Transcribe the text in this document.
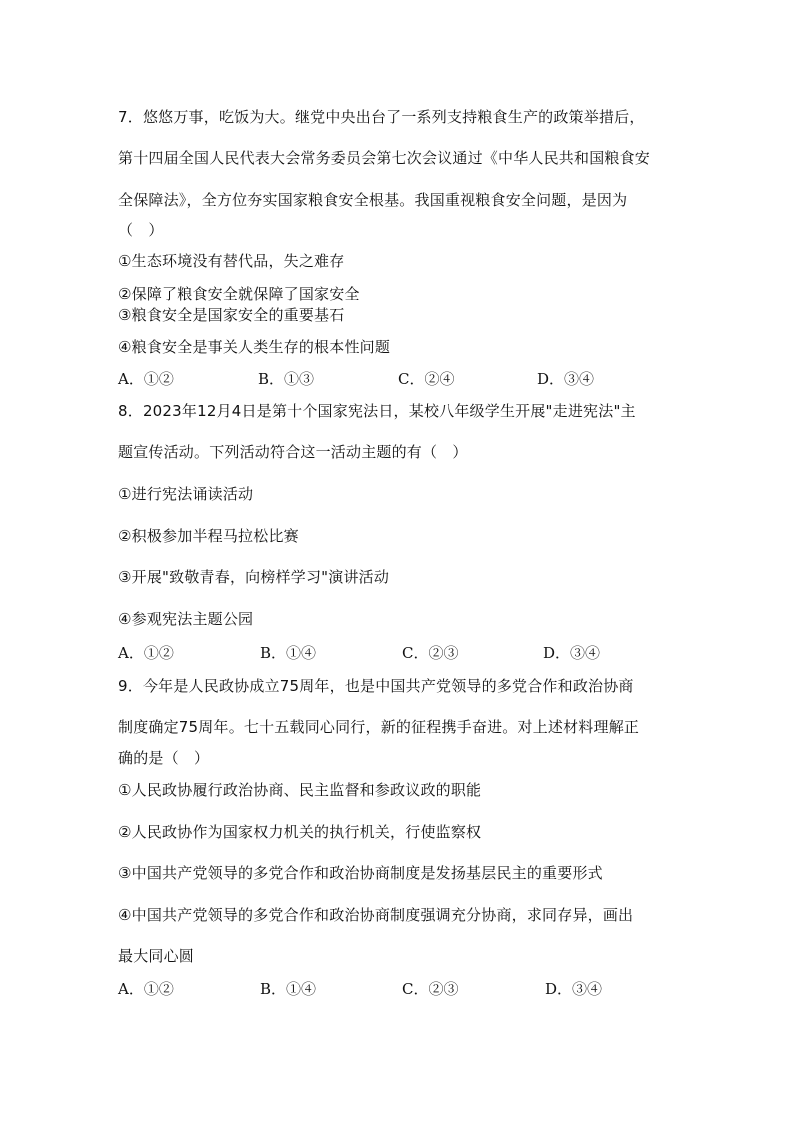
7．悠悠万事，吃饭为大。继党中央出台了一系列支持粮食生产的政策举措后，
第十四届全国人民代表大会常务委员会第七次会议通过《中华人民共和国粮食安
全保障法》，全方位夯实国家粮食安全根基。我国重视粮食安全问题，是因为
（　）
①生态环境没有替代品，失之难存
②保障了粮食安全就保障了国家安全
③粮食安全是国家安全的重要基石
④粮食安全是事关人类生存的根本性问题
A．①②	B．①③	C．②④	D．③④
8．2023年12月4日是第十个国家宪法日，某校八年级学生开展"走进宪法"主
题宣传活动。下列活动符合这一活动主题的有（　）
①进行宪法诵读活动
②积极参加半程马拉松比赛
③开展"致敬青春，向榜样学习"演讲活动
④参观宪法主题公园
A．①②	B．①④	C．②③	D．③④
9．今年是人民政协成立75周年，也是中国共产党领导的多党合作和政治协商
制度确定75周年。七十五载同心同行，新的征程携手奋进。对上述材料理解正
确的是（　）
①人民政协履行政治协商、民主监督和参政议政的职能
②人民政协作为国家权力机关的执行机关，行使监察权
③中国共产党领导的多党合作和政治协商制度是发扬基层民主的重要形式
④中国共产党领导的多党合作和政治协商制度强调充分协商，求同存异，画出
最大同心圆
A．①②	B．①④	C．②③	D．③④
